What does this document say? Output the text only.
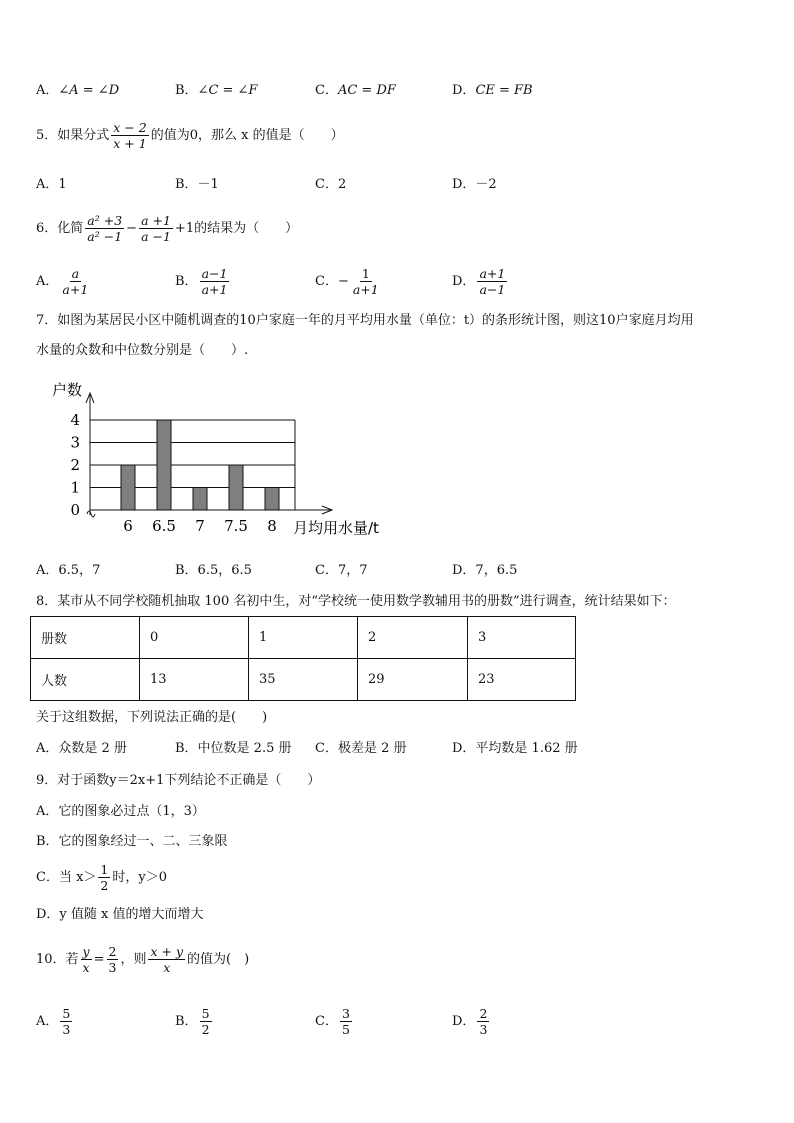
A．∠A = ∠D	B．∠C = ∠F	C．AC = DF	D．CE = FB
5．如果分式 $\frac{x - 2}{x + 1}$ 的值为0，那么 x 的值是（　　）
A．1	B．－1	C．2	D．－2
6．化简 $\frac{\text{a² +3}}{\text{a² −1}} - \frac{a +1}{a -1} +1$的结果为（　　）
A． $\frac{a}{a+1}$	B． $\frac{a-1}{a+1}$	C．− $\frac{1}{a+1}$	D． $\frac{a+1}{a-1}$
7．如图为某居民小区中随机调查的10户家庭一年的月平均用水量（单位：t）的条形统计图，则这10户家庭月均用
水量的众数和中位数分别是（　　）.
0
1
2
3
4
6 6.5 7 7.5 8
户数
月均用水量/t
A．6.5，7	B．6.5，6.5	C．7，7	D．7，6.5
8．某市从不同学校随机抽取 100 名初中生，对“学校统一使用数学教辅用书的册数”进行调查，统计结果如下：
册数	0	1	2	3
人数	13	35	29	23
关于这组数据，下列说法正确的是(　　)
A．众数是 2 册	B．中位数是 2.5 册 C．极差是 2 册	D．平均数是 1.62 册
9．对于函数y＝2x+1下列结论不正确是（　　）
A．它的图象必过点（1，3）
B．它的图象经过一、二、三象限
C．当 $x> \frac{1}{2}$ 时，y＞0
D．y 值随 x 值的增大而增大
10．若 $\frac{y}{x} = \frac{2}{3}$ ，则 $\frac{x + y}{x}$ 的值为(　)
A． $\frac{5}{3}$	B． $\frac{5}{2}$	C． $\frac{3}{5}$	D． $\frac{2}{3}$
